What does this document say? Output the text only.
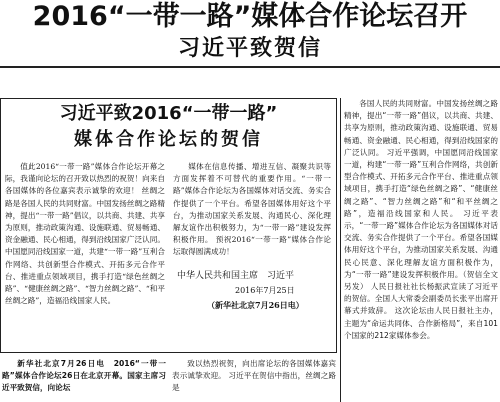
2016“一带一路”媒体合作论坛召开
习近平致贺信
习近平致2016“一带一路”
媒体合作论坛的贺信

值此2016“一带一路”媒体合作论坛开幕之际，我谨向论坛的召开致以热烈的祝贺！向来自各国媒体的各位嘉宾表示诚挚的欢迎！ 丝绸之路是各国人民的共同财富。中国发扬丝绸之路精神，提出“一带一路”倡议，以共商、共建、共享为原则，推动政策沟通、设施联通、贸易畅通、资金融通、民心相通，得到沿线国家广泛认同。中国愿同沿线国家一道，共建“一带一路”互利合作网络、共创新型合作模式、开拓多元合作平台、推进重点领域项目，携手打造“绿色丝绸之路”、“健康丝绸之路”、“智力丝绸之路”、“和平丝绸之路”，造福沿线国家人民。

媒体在信息传播、增进互信、凝聚共识等方面发挥着不可替代的重要作用。“一带一路”媒体合作论坛为各国媒体对话交流、务实合作提供了一个平台。希望各国媒体用好这个平台，为推动国家关系发展、沟通民心、深化理解友谊作出积极努力，为“一带一路”建设发挥积极作用。 预祝2016“一带一路”媒体合作论坛取得圆满成功！

中华人民共和国主席　习近平
2016年7月25日
（新华社北京7月26日电）

各国人民的共同财富。中国发扬丝绸之路精神，提出“一带一路”倡议，以共商、共建、共享为原则，推动政策沟通、设施联通、贸易畅通、资金融通、民心相通，得到沿线国家的广泛认同。 习近平强调，中国愿同沿线国家一道，构建“一带一路”互利合作网络，共创新型合作模式、开拓多元合作平台、推进重点领域项目，携手打造“绿色丝绸之路”、“健康丝绸之路”、“智力丝绸之路”和“和平丝绸之路”，造福沿线国家和人民。 习近平表示，“一带一路”媒体合作论坛为各国媒体对话交流、务实合作提供了一个平台。希望各国媒体用好这个平台，为推动国家关系发展、沟通民心民意、深化理解友谊方面积极作为，为“一带一路”建设发挥积极作用。（贺信全文另发） 人民日报社社长杨振武宣读了习近平的贺信。全国人大常委会副委员长张平出席开幕式并致辞。 这次论坛由人民日报社主办，主题为“命运共同体、合作新格局”，来自101个国家的212家媒体参会。

新华社北京7月26日电　2016“一带一路”媒体合作论坛26日在北京开幕。国家主席习近平致贺信，向论坛

致以热烈祝贺，向出席论坛的各国媒体嘉宾表示诚挚欢迎。 习近平在贺信中指出，丝绸之路是
